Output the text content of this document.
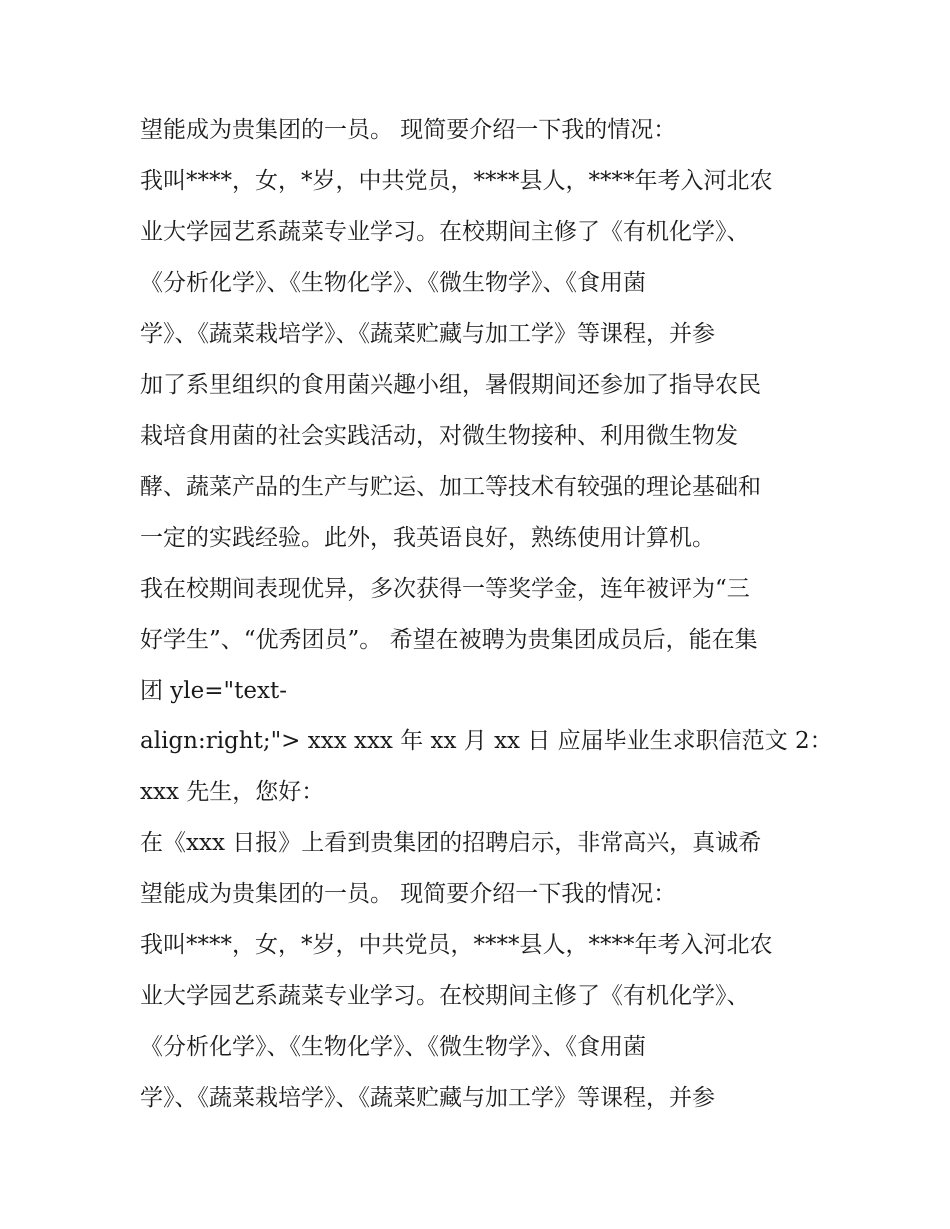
望能成为贵集团的一员。 现简要介绍一下我的情况：
我叫****，女，*岁，中共党员，****县人，****年考入河北农
业大学园艺系蔬菜专业学习。在校期间主修了《有机化学》、
《分析化学》、《生物化学》、《微生物学》、《食用菌
学》、《蔬菜栽培学》、《蔬菜贮藏与加工学》等课程，并参
加了系里组织的食用菌兴趣小组，暑假期间还参加了指导农民
栽培食用菌的社会实践活动，对微生物接种、利用微生物发
酵、蔬菜产品的生产与贮运、加工等技术有较强的理论基础和
一定的实践经验。此外，我英语良好，熟练使用计算机。
我在校期间表现优异，多次获得一等奖学金，连年被评为“三
好学生”、“优秀团员”。 希望在被聘为贵集团成员后，能在集
团 yle="text-
align:right;"> xxx xxx 年 xx 月 xx 日 应届毕业生求职信范文 2：
xxx 先生，您好：
在《xxx 日报》上看到贵集团的招聘启示，非常高兴，真诚希
望能成为贵集团的一员。 现简要介绍一下我的情况：
我叫****，女，*岁，中共党员，****县人，****年考入河北农
业大学园艺系蔬菜专业学习。在校期间主修了《有机化学》、
《分析化学》、《生物化学》、《微生物学》、《食用菌
学》、《蔬菜栽培学》、《蔬菜贮藏与加工学》等课程，并参
